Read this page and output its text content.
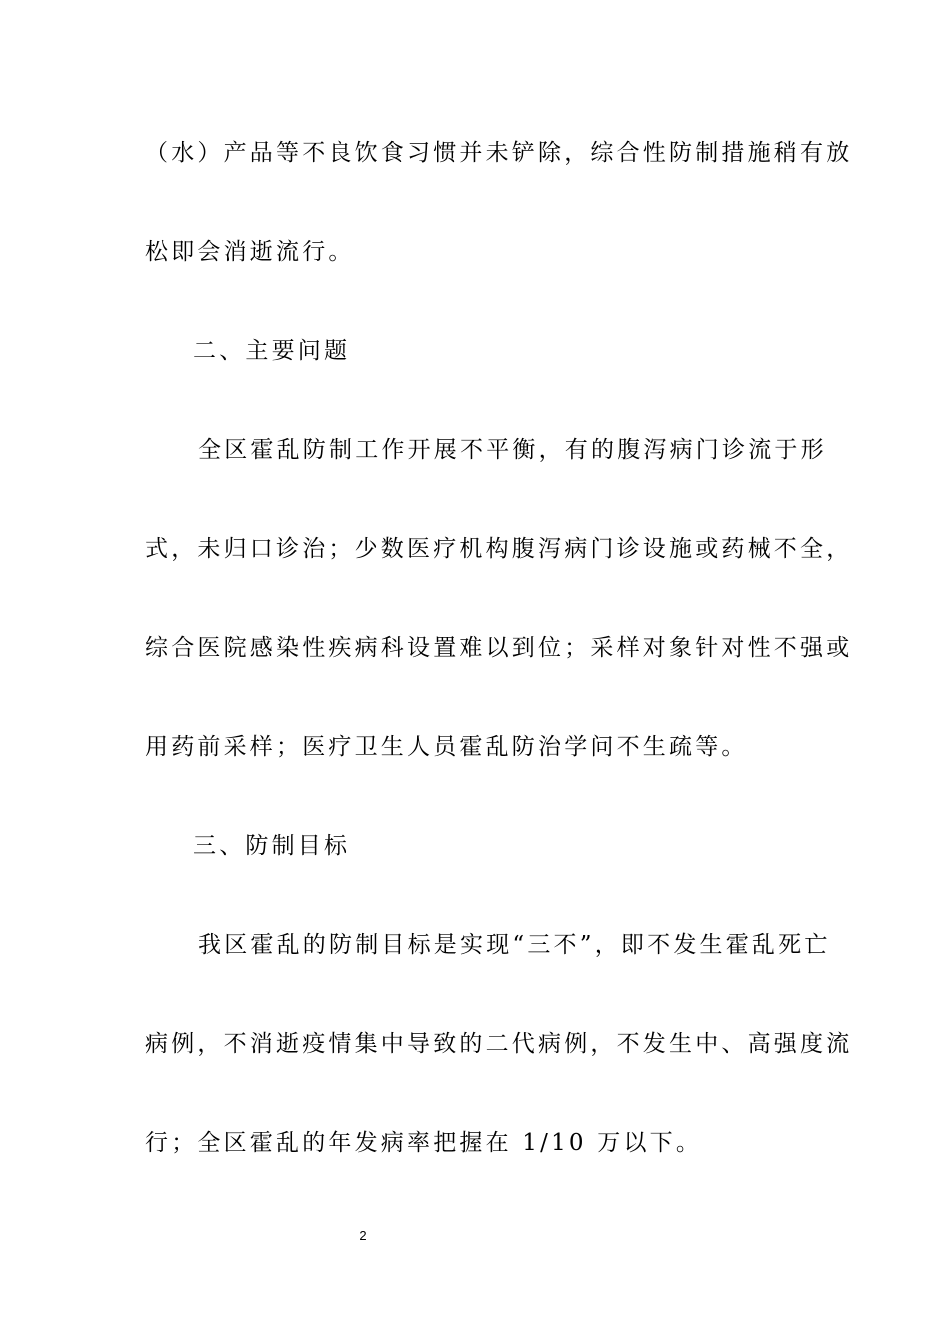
（水）产品等不良饮食习惯并未铲除，综合性防制措施稍有放

松即会消逝流行。

二、主要问题

全区霍乱防制工作开展不平衡，有的腹泻病门诊流于形

式，未归口诊治；少数医疗机构腹泻病门诊设施或药械不全，

综合医院感染性疾病科设置难以到位；采样对象针对性不强或

用药前采样；医疗卫生人员霍乱防治学问不生疏等。

三、防制目标

我区霍乱的防制目标是实现“三不”，即不发生霍乱死亡

病例，不消逝疫情集中导致的二代病例，不发生中、高强度流

行；全区霍乱的年发病率把握在 1/10 万以下。

2
